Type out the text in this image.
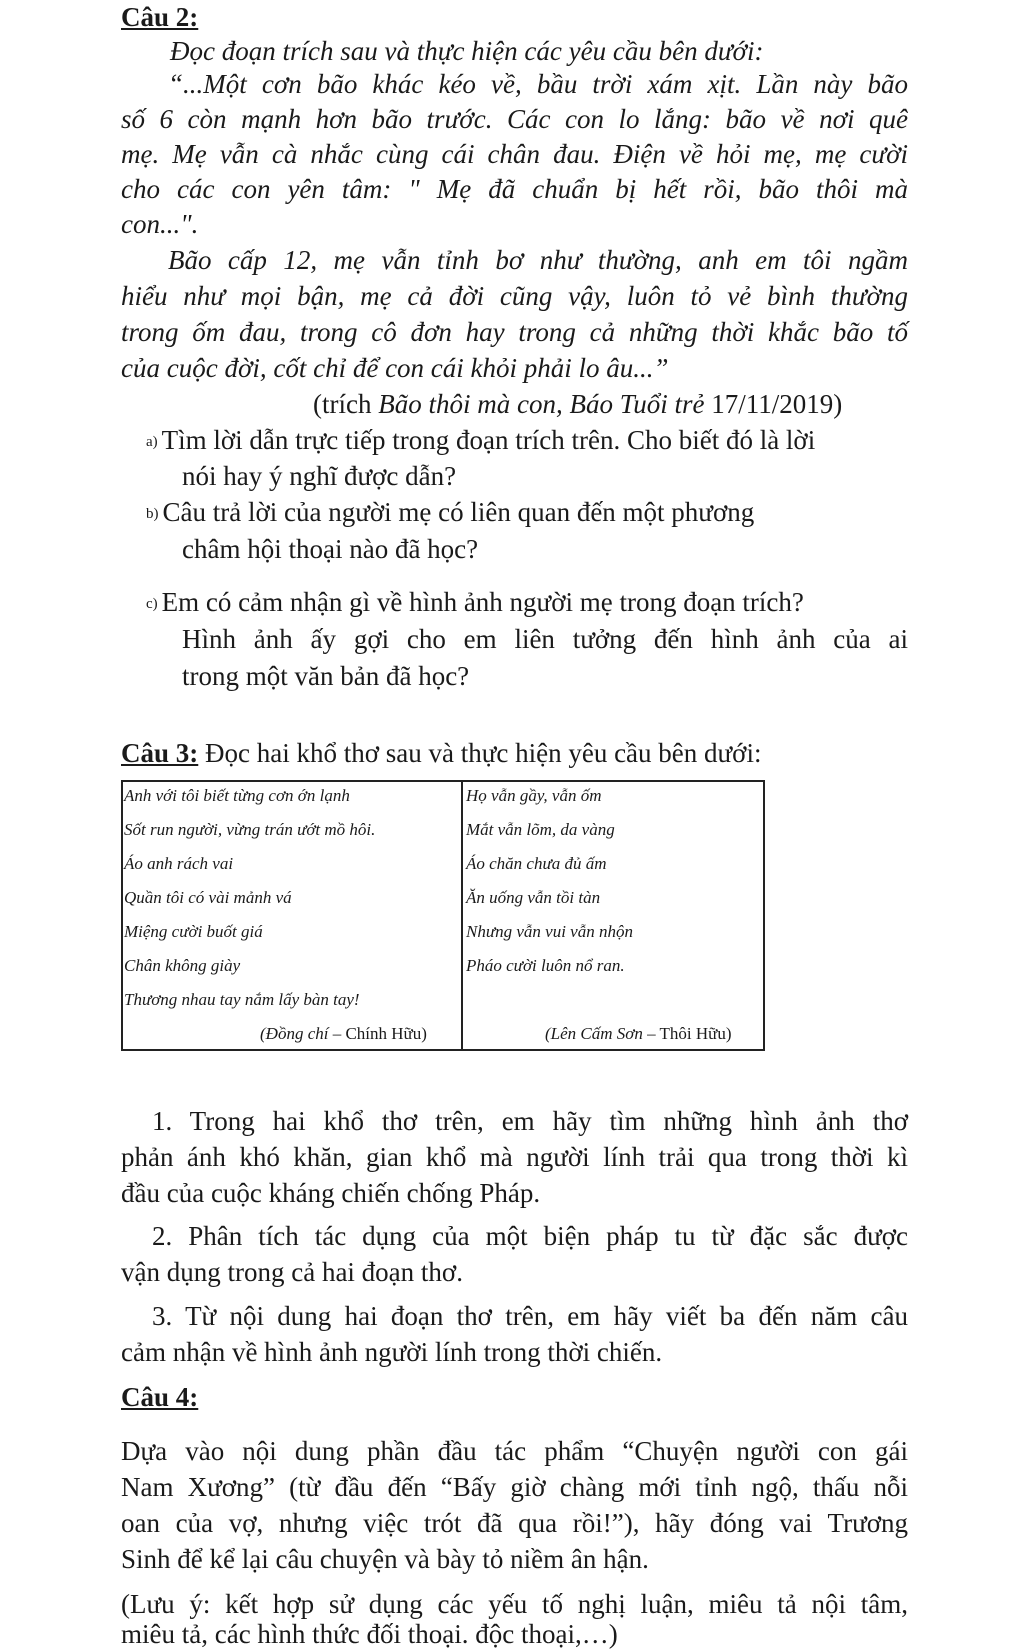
Câu 2:
Đọc đoạn trích sau và thực hiện các yêu cầu bên dưới:
“...Một cơn bão khác kéo về, bầu trời xám xịt. Lần này bão
số 6 còn mạnh hơn bão trước. Các con lo lắng: bão về nơi quê
mẹ. Mẹ vẫn cà nhắc cùng cái chân đau. Điện về hỏi mẹ, mẹ cười
cho các con yên tâm: " Mẹ đã chuẩn bị hết rồi, bão thôi mà
con...".
Bão cấp 12, mẹ vẫn tỉnh bơ như thường, anh em tôi ngầm
hiểu như mọi bận, mẹ cả đời cũng vậy, luôn tỏ vẻ bình thường
trong ốm đau, trong cô đơn hay trong cả những thời khắc bão tố
của cuộc đời, cốt chỉ để con cái khỏi phải lo âu...”
(trích Bão thôi mà con, Báo Tuổi trẻ 17/11/2019)
a) Tìm lời dẫn trực tiếp trong đoạn trích trên. Cho biết đó là lời
nói hay ý nghĩ được dẫn?
b) Câu trả lời của người mẹ có liên quan đến một phương
châm hội thoại nào đã học?
c) Em có cảm nhận gì về hình ảnh người mẹ trong đoạn trích?
Hình ảnh ấy gợi cho em liên tưởng đến hình ảnh của ai
trong một văn bản đã học?
Câu 3: Đọc hai khổ thơ sau và thực hiện yêu cầu bên dưới:
Anh với tôi biết từng cơn ớn lạnh
Sốt run người, vừng trán ướt mồ hôi.
Áo anh rách vai
Quần tôi có vài mảnh vá
Miệng cười buốt giá
Chân không giày
Thương nhau tay nắm lấy bàn tay!
(Đồng chí – Chính Hữu)
Họ vẫn gầy, vẫn ốm
Mắt vẫn lõm, da vàng
Áo chăn chưa đủ ấm
Ăn uống vẫn tồi tàn
Nhưng vẫn vui vẫn nhộn
Pháo cười luôn nổ ran.
(Lên Cấm Sơn – Thôi Hữu)
1. Trong hai khổ thơ trên, em hãy tìm những hình ảnh thơ
phản ánh khó khăn, gian khổ mà người lính trải qua trong thời kì
đầu của cuộc kháng chiến chống Pháp.
2. Phân tích tác dụng của một biện pháp tu từ đặc sắc được
vận dụng trong cả hai đoạn thơ.
3. Từ nội dung hai đoạn thơ trên, em hãy viết ba đến năm câu
cảm nhận về hình ảnh người lính trong thời chiến.
Câu 4:
Dựa vào nội dung phần đầu tác phẩm “Chuyện người con gái
Nam Xương” (từ đầu đến “Bấy giờ chàng mới tỉnh ngộ, thấu nỗi
oan của vợ, nhưng việc trót đã qua rồi!”), hãy đóng vai Trương
Sinh để kể lại câu chuyện và bày tỏ niềm ân hận.
(Lưu ý: kết hợp sử dụng các yếu tố nghị luận, miêu tả nội tâm,
miêu tả, các hình thức đối thoại. độc thoại,…)
